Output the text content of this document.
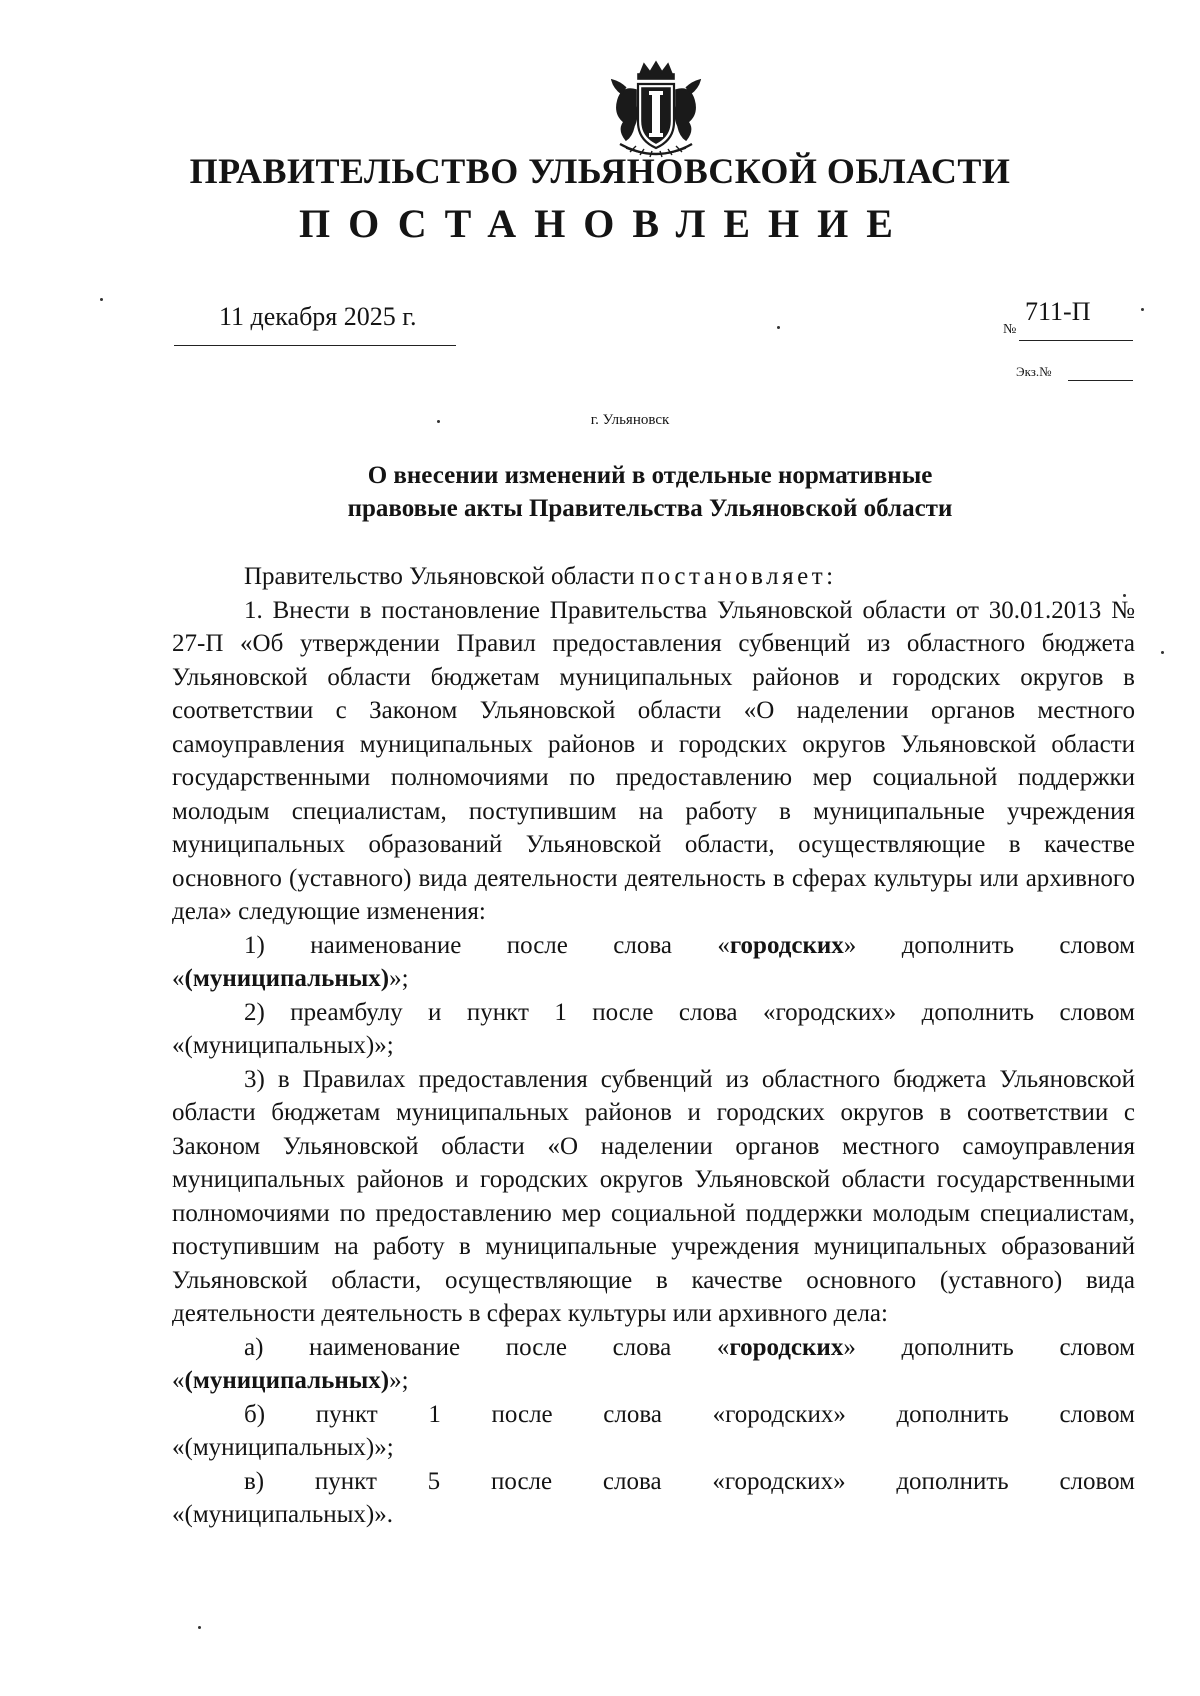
ПРАВИТЕЛЬСТВО УЛЬЯНОВСКОЙ ОБЛАСТИ
ПОСТАНОВЛЕНИЕ
11 декабря 2025 г.	№
711-П
Экз.№
г. Ульяновск
О внесении изменений в отдельные нормативные
правовые акты Правительства Ульяновской области

Правительство Ульяновской области постановляет:

1. Внести в постановление Правительства Ульяновской области от 30.01.2013 № 27-П «Об утверждении Правил предоставления субвенций из областного бюджета Ульяновской области бюджетам муниципальных районов и городских округов в соответствии с Законом Ульяновской области «О наделении органов местного самоуправления муниципальных районов и городских округов Ульяновской области государственными полномочиями по предоставлению мер социальной поддержки молодым специалистам, поступившим на работу в муниципальные учреждения муниципальных образований Ульяновской области, осуществляющие в качестве основного (уставного) вида деятельности деятельность в сферах культуры или архивного дела» следующие изменения:

1) наименование после слова «городских» дополнить словом

«(муниципальных)»;

2) преамбулу и пункт 1 после слова «городских» дополнить словом «(муниципальных)»;

3) в Правилах предоставления субвенций из областного бюджета Ульяновской области бюджетам муниципальных районов и городских округов в соответствии с Законом Ульяновской области «О наделении органов местного самоуправления муниципальных районов и городских округов Ульяновской области государственными полномочиями по предоставлению мер социальной поддержки молодым специалистам, поступившим на работу в муниципальные учреждения муниципальных образований Ульяновской области, осуществляющие в качестве основного (уставного) вида деятельности деятельность в сферах культуры или архивного дела:

а) наименование после слова «городских» дополнить словом

«(муниципальных)»;

б) пункт 1 после слова «городских» дополнить словом

«(муниципальных)»;

в) пункт 5 после слова «городских» дополнить словом

«(муниципальных)».
